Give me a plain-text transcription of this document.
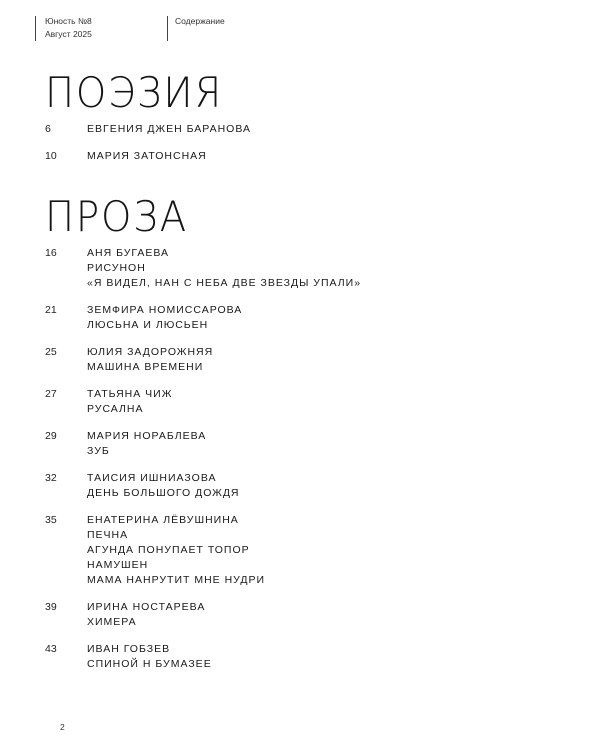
Юность №8
Август 2025
Содержание
ПОЭЗИЯ
6	ЕВГЕНИЯ ДЖЕН БАРАНОВА
10	МАРИЯ ЗАТОНСНАЯ
ПРОЗА
16	АНЯ БУГАЕВА
РИСУНОН
«Я ВИДЕЛ, НАН С НЕБА ДВЕ ЗВЕЗДЫ УПАЛИ»
21	ЗЕМФИРА НОМИССАРОВА
ЛЮСЬНА И ЛЮСЬЕН
25	ЮЛИЯ ЗАДОРОЖНЯЯ
МАШИНА ВРЕМЕНИ
27	ТАТЬЯНА ЧИЖ
РУСАЛНА
29	МАРИЯ НОРАБЛЕВА
ЗУБ
32	ТАИСИЯ ИШНИАЗОВА
ДЕНЬ БОЛЬШОГО ДОЖДЯ
35	ЕНАТЕРИНА ЛЁВУШНИНА
ПЕЧНА
АГУНДА ПОНУПАЕТ ТОПОР
НАМУШЕН
МАМА НАНРУТИТ МНЕ НУДРИ
39	ИРИНА НОСТАРЕВА
ХИМЕРА
43	ИВАН ГОБЗЕВ
СПИНОЙ Н БУМАЗЕЕ
2
